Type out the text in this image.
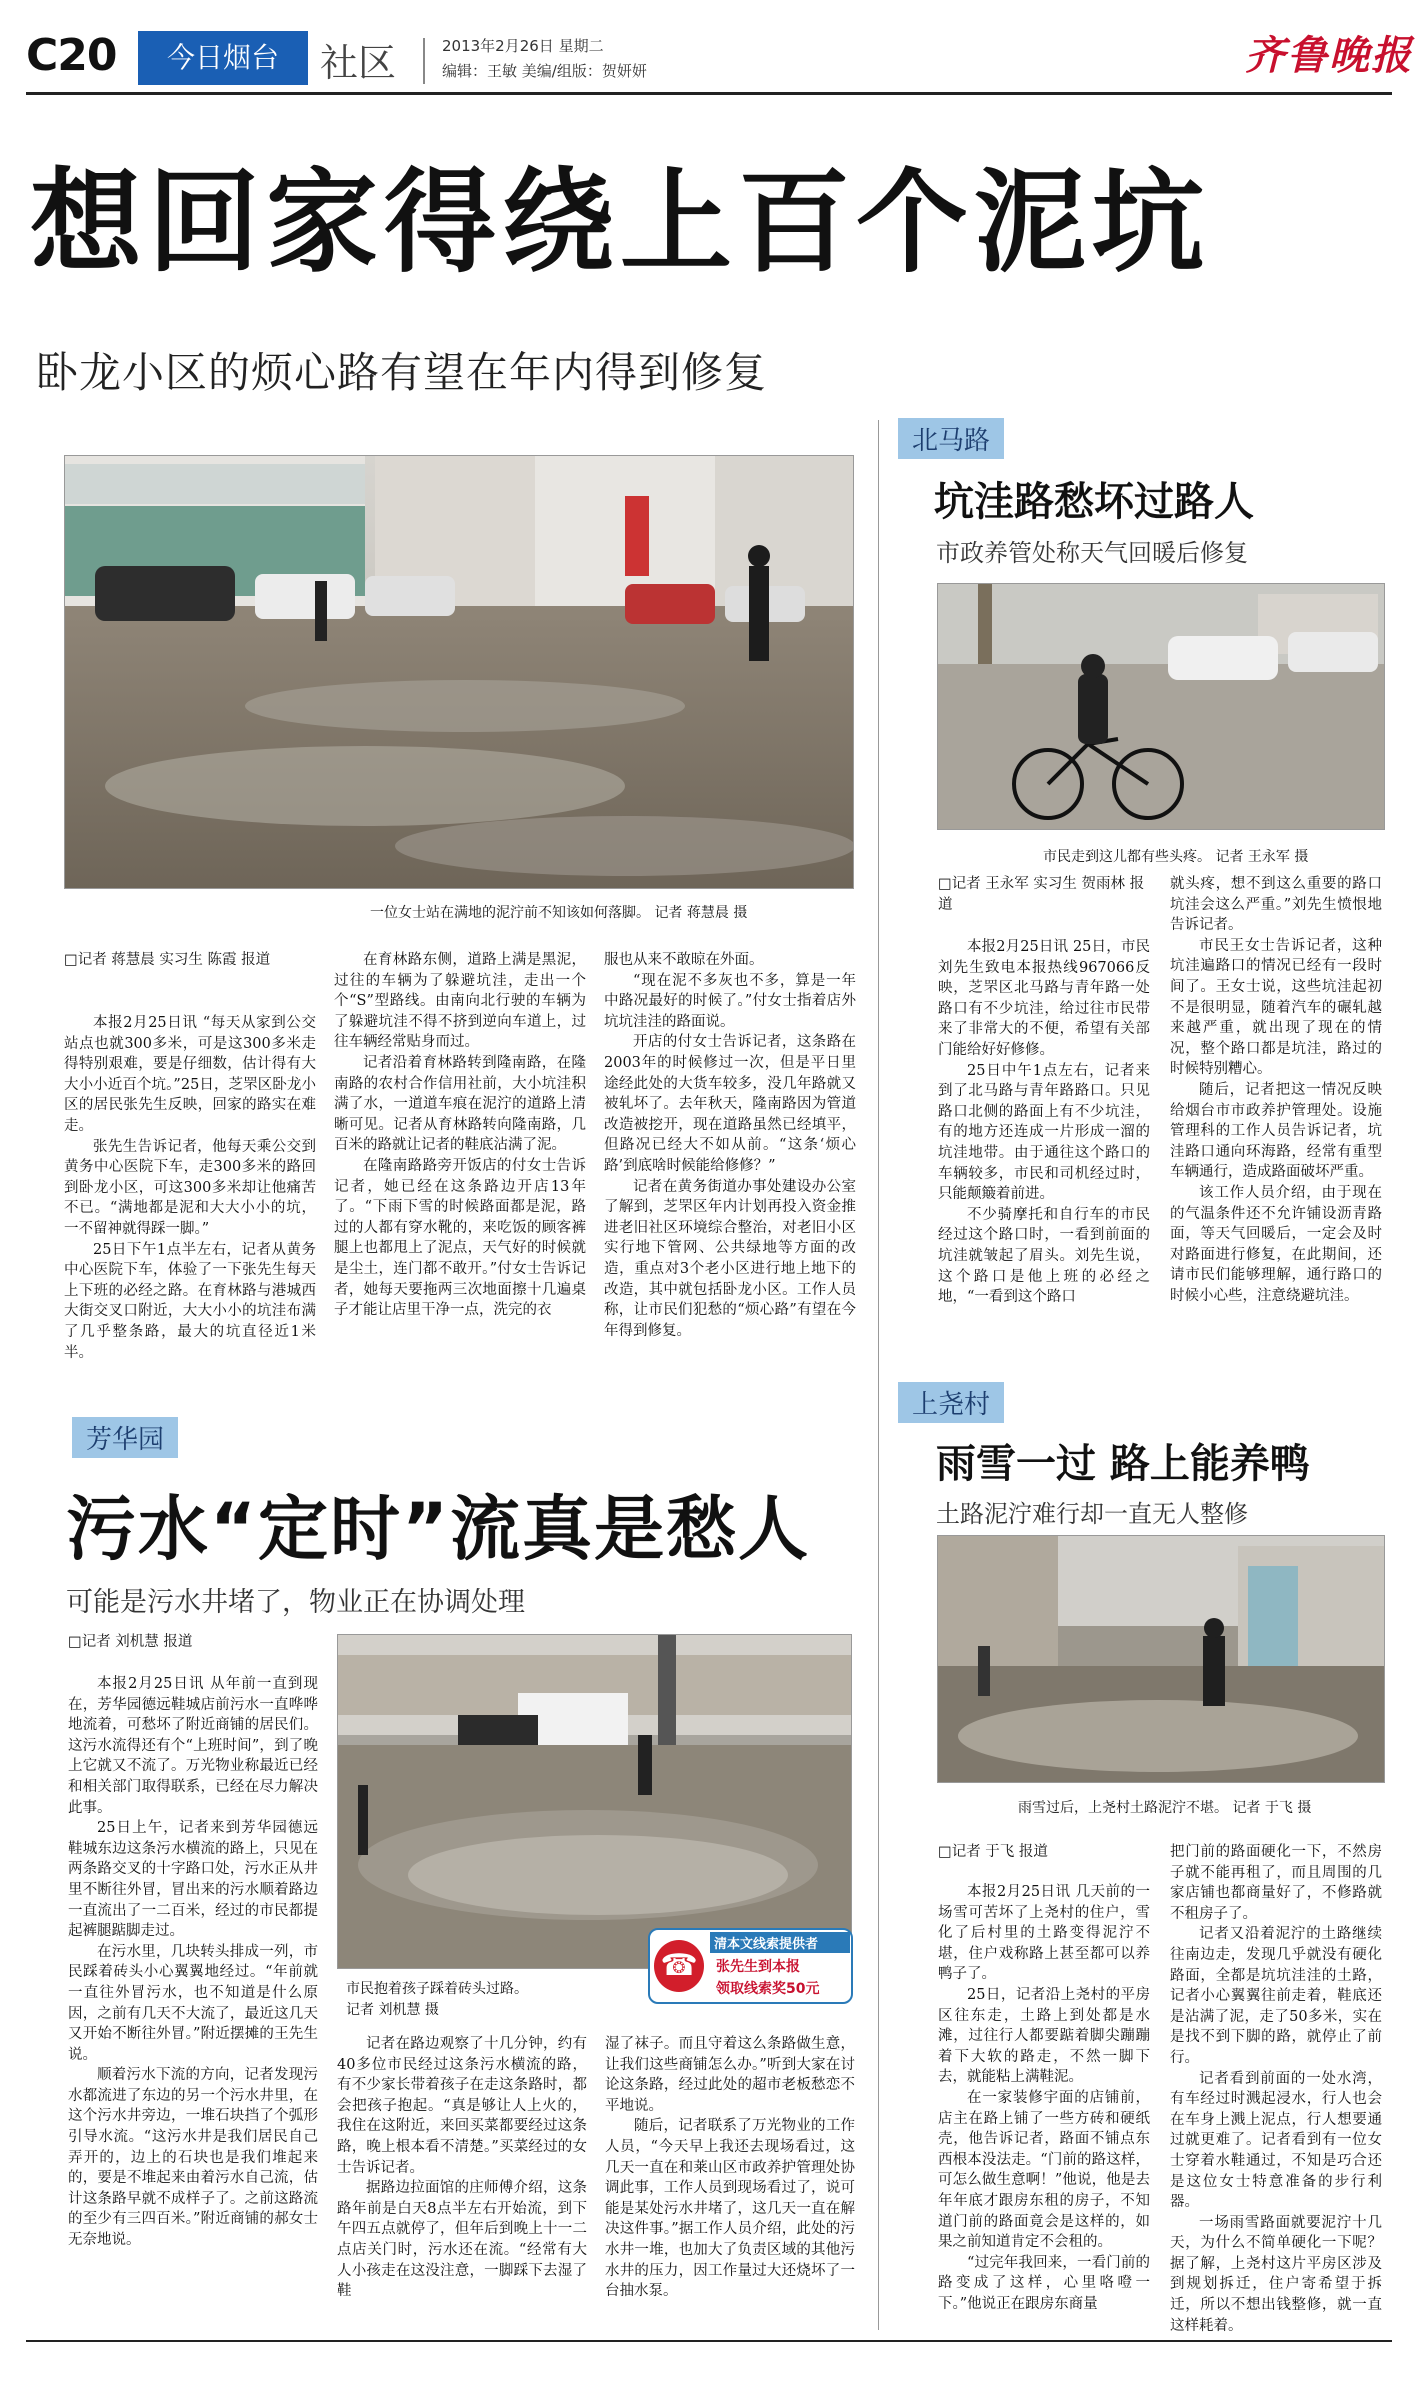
C20	今日烟台	社区	2013年2月26日 星期二
编辑：王敏 美编/组版：贺妍妍	齐鲁晚报
想回家得绕上百个泥坑
卧龙小区的烦心路有望在年内得到修复
一位女士站在满地的泥泞前不知该如何落脚。 记者 蒋慧晨 摄
□记者 蒋慧晨 实习生 陈霞 报道

本报2月25日讯 “每天从家到公交站点也就300多米，可是这300多米走得特别艰难，要是仔细数，估计得有大大小小近百个坑。”25日，芝罘区卧龙小区的居民张先生反映，回家的路实在难走。

张先生告诉记者，他每天乘公交到黄务中心医院下车，走300多米的路回到卧龙小区，可这300多米却让他痛苦不已。“满地都是泥和大大小小的坑，一不留神就得踩一脚。”

25日下午1点半左右，记者从黄务中心医院下车，体验了一下张先生每天上下班的必经之路。在育林路与港城西大街交叉口附近，大大小小的坑洼布满了几乎整条路，最大的坑直径近1米半。

在育林路东侧，道路上满是黑泥，过往的车辆为了躲避坑洼，走出一个个“S”型路线。由南向北行驶的车辆为了躲避坑洼不得不挤到逆向车道上，过往车辆经常贴身而过。

记者沿着育林路转到隆南路，在隆南路的农村合作信用社前，大小坑洼积满了水，一道道车痕在泥泞的道路上清晰可见。记者从育林路转向隆南路，几百米的路就让记者的鞋底沾满了泥。

在隆南路路旁开饭店的付女士告诉记者，她已经在这条路边开店13年了。“下雨下雪的时候路面都是泥，路过的人都有穿水靴的，来吃饭的顾客裤腿上也都甩上了泥点，天气好的时候就是尘土，连门都不敢开。”付女士告诉记者，她每天要拖两三次地面擦十几遍桌子才能让店里干净一点，洗完的衣

服也从来不敢晾在外面。

“现在泥不多灰也不多，算是一年中路况最好的时候了。”付女士指着店外坑坑洼洼的路面说。

开店的付女士告诉记者，这条路在2003年的时候修过一次，但是平日里途经此处的大货车较多，没几年路就又被轧坏了。去年秋天，隆南路因为管道改造被挖开，现在道路虽然已经填平，但路况已经大不如从前。“这条‘烦心路’到底啥时候能给修修？”

记者在黄务街道办事处建设办公室了解到，芝罘区年内计划再投入资金推进老旧社区环境综合整治，对老旧小区实行地下管网、公共绿地等方面的改造，重点对3个老小区进行地上地下的改造，其中就包括卧龙小区。工作人员称，让市民们犯愁的“烦心路”有望在今年得到修复。

北马路
坑洼路愁坏过路人
市政养管处称天气回暖后修复
市民走到这儿都有些头疼。 记者 王永军 摄
□记者 王永军 实习生 贺雨林 报道

本报2月25日讯 25日，市民刘先生致电本报热线967066反映，芝罘区北马路与青年路一处路口有不少坑洼，给过往市民带来了非常大的不便，希望有关部门能给好好修修。

25日中午1点左右，记者来到了北马路与青年路路口。只见路口北侧的路面上有不少坑洼，有的地方还连成一片形成一溜的坑洼地带。由于通往这个路口的车辆较多，市民和司机经过时，只能颠簸着前进。

不少骑摩托和自行车的市民经过这个路口时，一看到前面的坑洼就皱起了眉头。刘先生说，这个路口是他上班的必经之地，“一看到这个路口

就头疼，想不到这么重要的路口坑洼会这么严重。”刘先生愤恨地告诉记者。

市民王女士告诉记者，这种坑洼遍路口的情况已经有一段时间了。王女士说，这些坑洼起初不是很明显，随着汽车的碾轧越来越严重，就出现了现在的情况，整个路口都是坑洼，路过的时候特别糟心。

随后，记者把这一情况反映给烟台市市政养护管理处。设施管理科的工作人员告诉记者，坑洼路口通向环海路，经常有重型车辆通行，造成路面破坏严重。

该工作人员介绍，由于现在的气温条件还不允许铺设沥青路面，等天气回暖后，一定会及时对路面进行修复，在此期间，还请市民们能够理解，通行路口的时候小心些，注意绕避坑洼。

芳华园
污水“定时”流真是愁人
可能是污水井堵了，物业正在协调处理
□记者 刘机慧 报道

本报2月25日讯 从年前一直到现在，芳华园德远鞋城店前污水一直哗哗地流着，可愁坏了附近商铺的居民们。这污水流得还有个“上班时间”，到了晚上它就又不流了。万光物业称最近已经和相关部门取得联系，已经在尽力解决此事。

25日上午，记者来到芳华园德远鞋城东边这条污水横流的路上，只见在两条路交叉的十字路口处，污水正从井里不断往外冒，冒出来的污水顺着路边一直流出了一二百米，经过的市民都提起裤腿踮脚走过。

在污水里，几块转头排成一列，市民踩着砖头小心翼翼地经过。“年前就一直往外冒污水，也不知道是什么原因，之前有几天不大流了，最近这几天又开始不断往外冒。”附近摆摊的王先生说。

顺着污水下流的方向，记者发现污水都流进了东边的另一个污水井里，在这个污水井旁边，一堆石块挡了个弧形引导水流。“这污水井是我们居民自己弄开的，边上的石块也是我们堆起来的，要是不堆起来由着污水自己流，估计这条路早就不成样子了。之前这路流的至少有三四百米。”附近商铺的郝女士无奈地说。

市民抱着孩子踩着砖头过路。
记者 刘机慧 摄
☎
清本文线索提供者
张先生到本报
领取线索奖50元

记者在路边观察了十几分钟，约有40多位市民经过这条污水横流的路，有不少家长带着孩子在走这条路时，都会把孩子抱起。“真是够让人上火的，我住在这附近，来回买菜都要经过这条路，晚上根本看不清楚。”买菜经过的女士告诉记者。

据路边拉面馆的庄师傅介绍，这条路年前是白天8点半左右开始流，到下午四五点就停了，但年后到晚上十一二点店关门时，污水还在流。“经常有大人小孩走在这没注意，一脚踩下去湿了鞋

湿了袜子。而且守着这么条路做生意，让我们这些商铺怎么办。”听到大家在讨论这条路，经过此处的超市老板愁恋不平地说。

随后，记者联系了万光物业的工作人员，“今天早上我还去现场看过，这几天一直在和莱山区市政养护管理处协调此事，工作人员到现场看过了，说可能是某处污水井堵了，这几天一直在解决这件事。”据工作人员介绍，此处的污水井一堆，也加大了负责区域的其他污水井的压力，因工作量过大还烧坏了一台抽水泵。

上尧村
雨雪一过 路上能养鸭
土路泥泞难行却一直无人整修
雨雪过后，上尧村土路泥泞不堪。 记者 于飞 摄
□记者 于飞 报道

本报2月25日讯 几天前的一场雪可苦坏了上尧村的住户，雪化了后村里的土路变得泥泞不堪，住户戏称路上甚至都可以养鸭子了。

25日，记者沿上尧村的平房区往东走，土路上到处都是水滩，过往行人都要踮着脚尖蹦蹦着下大软的路走，不然一脚下去，就能粘上满鞋泥。

在一家装修宇面的店铺前，店主在路上铺了一些方砖和硬纸壳，他告诉记者，路面不铺点东西根本没法走。“门前的路这样，可怎么做生意啊！”他说，他是去年年底才跟房东租的房子，不知道门前的路面竟会是这样的，如果之前知道肯定不会租的。

“过完年我回来，一看门前的路变成了这样，心里咯噔一下。”他说正在跟房东商量

把门前的路面硬化一下，不然房子就不能再租了，而且周围的几家店铺也都商量好了，不修路就不租房子了。

记者又沿着泥泞的土路继续往南边走，发现几乎就没有硬化路面，全都是坑坑洼洼的土路，记者小心翼翼往前走着，鞋底还是沾满了泥，走了50多米，实在是找不到下脚的路，就停止了前行。

记者看到前面的一处水湾，有车经过时溅起浸水，行人也会在车身上溅上泥点，行人想要通过就更难了。记者看到有一位女士穿着水鞋通过，不知是巧合还是这位女士特意准备的步行利器。

一场雨雪路面就要泥泞十几天，为什么不简单硬化一下呢？据了解，上尧村这片平房区涉及到规划拆迁，住户寄希望于拆迁，所以不想出钱整修，就一直这样耗着。
